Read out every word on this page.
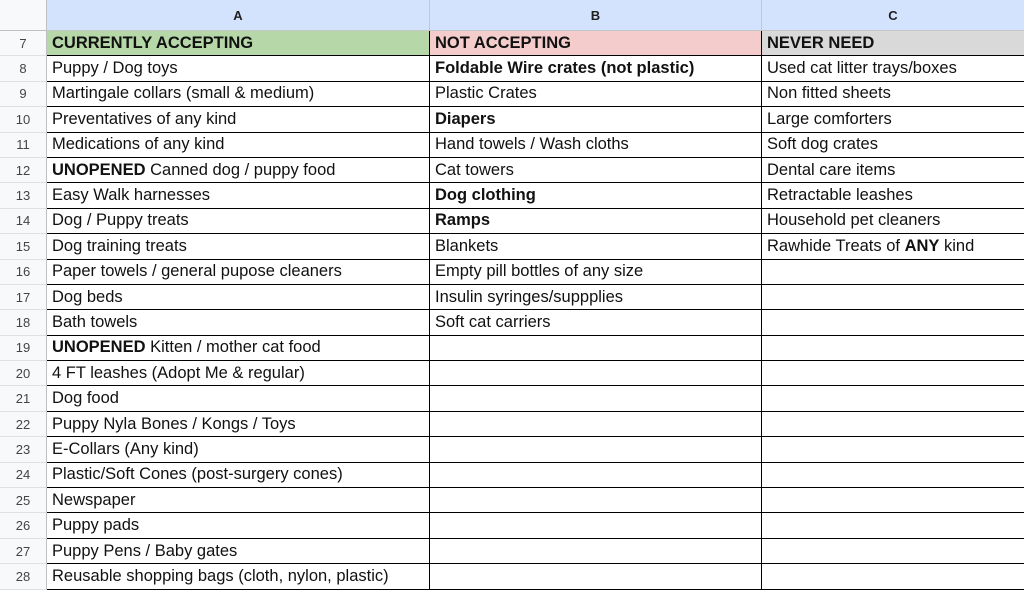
A	B	C
7	CURRENTLY ACCEPTING	NOT ACCEPTING	NEVER NEED
8	Puppy / Dog toys	Foldable Wire crates (not plastic)	Used cat litter trays/boxes
9	Martingale collars (small & medium)	Plastic Crates	Non fitted sheets
10	Preventatives of any kind	Diapers	Large comforters
11	Medications of any kind	Hand towels / Wash cloths	Soft dog crates
12	UNOPENED Canned dog / puppy food	Cat towers	Dental care items
13	Easy Walk harnesses	Dog clothing	Retractable leashes
14	Dog / Puppy treats	Ramps	Household pet cleaners
15	Dog training treats	Blankets	Rawhide Treats of ANY kind
16	Paper towels / general pupose cleaners	Empty pill bottles of any size
17	Dog beds	Insulin syringes/suppplies
18	Bath towels	Soft cat carriers
19	UNOPENED Kitten / mother cat food
20	4 FT leashes (Adopt Me & regular)
21	Dog food
22	Puppy Nyla Bones / Kongs / Toys
23	E-Collars (Any kind)
24	Plastic/Soft Cones (post-surgery cones)
25	Newspaper
26	Puppy pads
27	Puppy Pens / Baby gates
28	Reusable shopping bags (cloth, nylon, plastic)
